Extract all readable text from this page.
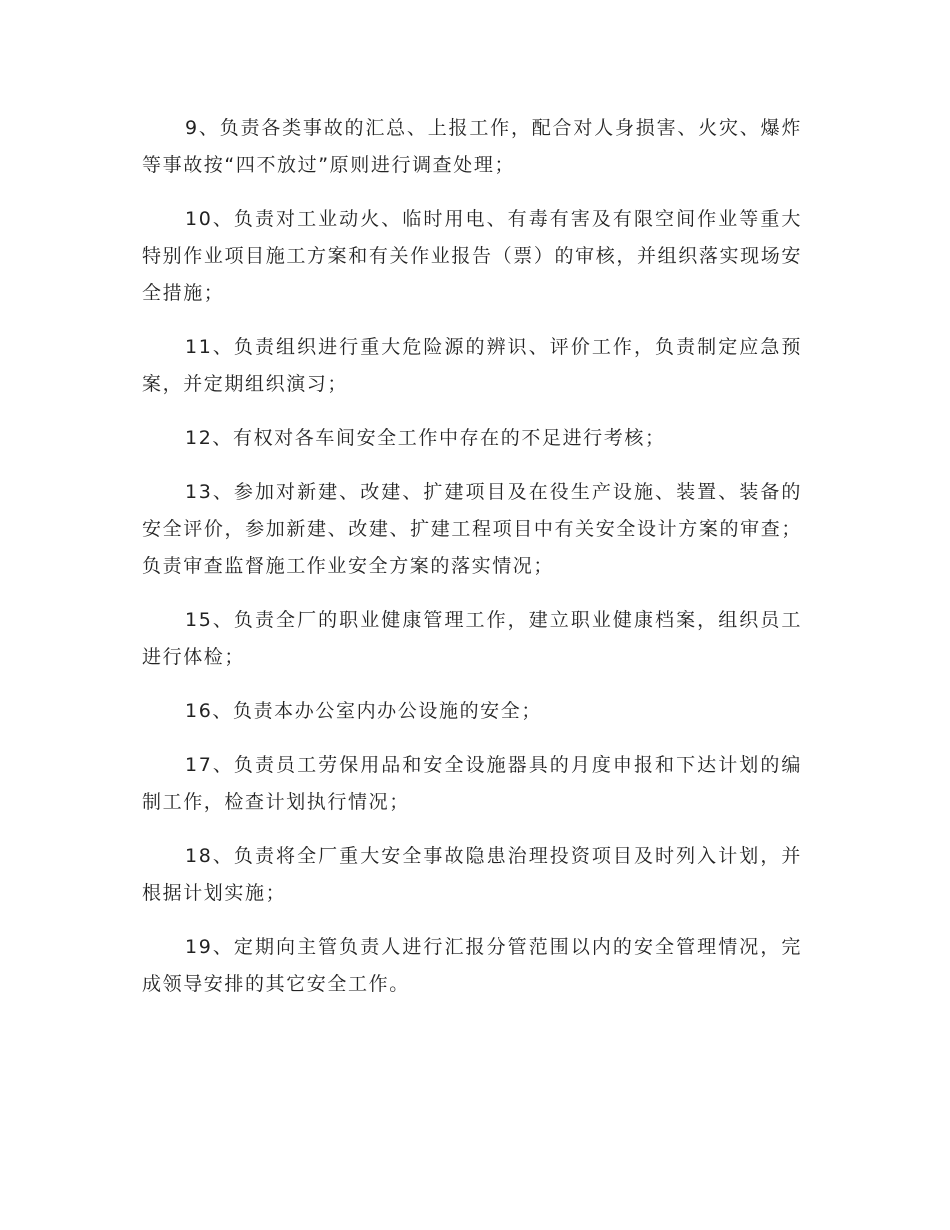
9、负责各类事故的汇总、上报工作，配合对人身损害、火灾、爆炸等事故按“四不放过”原则进行调查处理；

10、负责对工业动火、临时用电、有毒有害及有限空间作业等重大特别作业项目施工方案和有关作业报告（票）的审核，并组织落实现场安全措施；

11、负责组织进行重大危险源的辨识、评价工作，负责制定应急预案，并定期组织演习；

12、有权对各车间安全工作中存在的不足进行考核；

13、参加对新建、改建、扩建项目及在役生产设施、装置、装备的安全评价，参加新建、改建、扩建工程项目中有关安全设计方案的审查；负责审查监督施工作业安全方案的落实情况；

15、负责全厂的职业健康管理工作，建立职业健康档案，组织员工进行体检；

16、负责本办公室内办公设施的安全；

17、负责员工劳保用品和安全设施器具的月度申报和下达计划的编制工作，检查计划执行情况；

18、负责将全厂重大安全事故隐患治理投资项目及时列入计划，并根据计划实施；

19、定期向主管负责人进行汇报分管范围以内的安全管理情况，完成领导安排的其它安全工作。
